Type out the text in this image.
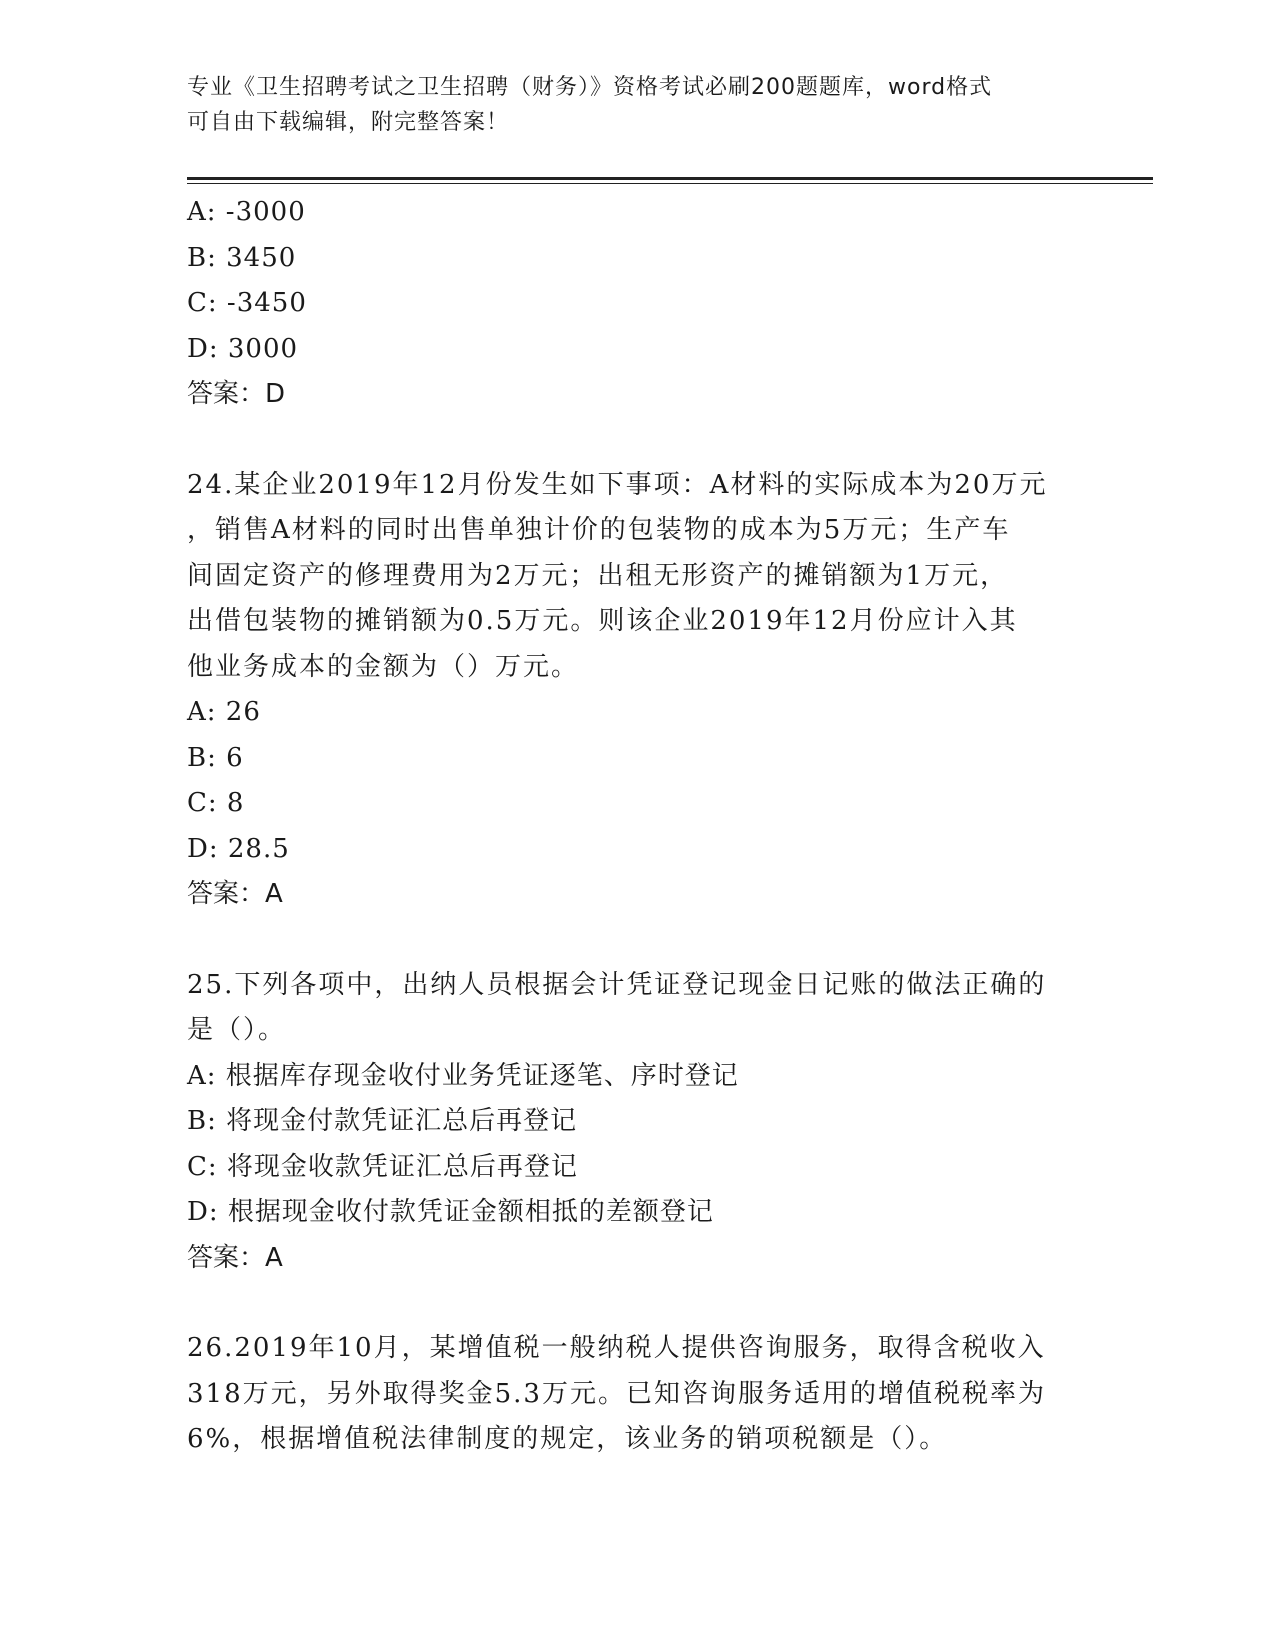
专业《卫生招聘考试之卫生招聘（财务）》资格考试必刷200题题库，word格式
可自由下载编辑，附完整答案！
A: -3000
B: 3450
C: -3450
D: 3000
答案：D
24.某企业2019年12月份发生如下事项：A材料的实际成本为20万元
，销售A材料的同时出售单独计价的包装物的成本为5万元；生产车
间固定资产的修理费用为2万元；出租无形资产的摊销额为1万元，
出借包装物的摊销额为0.5万元。则该企业2019年12月份应计入其
他业务成本的金额为（）万元。
A: 26
B: 6
C: 8
D: 28.5
答案：A
25.下列各项中，出纳人员根据会计凭证登记现金日记账的做法正确的
是（）。
A: 根据库存现金收付业务凭证逐笔、序时登记
B: 将现金付款凭证汇总后再登记
C: 将现金收款凭证汇总后再登记
D: 根据现金收付款凭证金额相抵的差额登记
答案：A
26.2019年10月，某增值税一般纳税人提供咨询服务，取得含税收入
318万元，另外取得奖金5.3万元。已知咨询服务适用的增值税税率为
6%，根据增值税法律制度的规定，该业务的销项税额是（）。
